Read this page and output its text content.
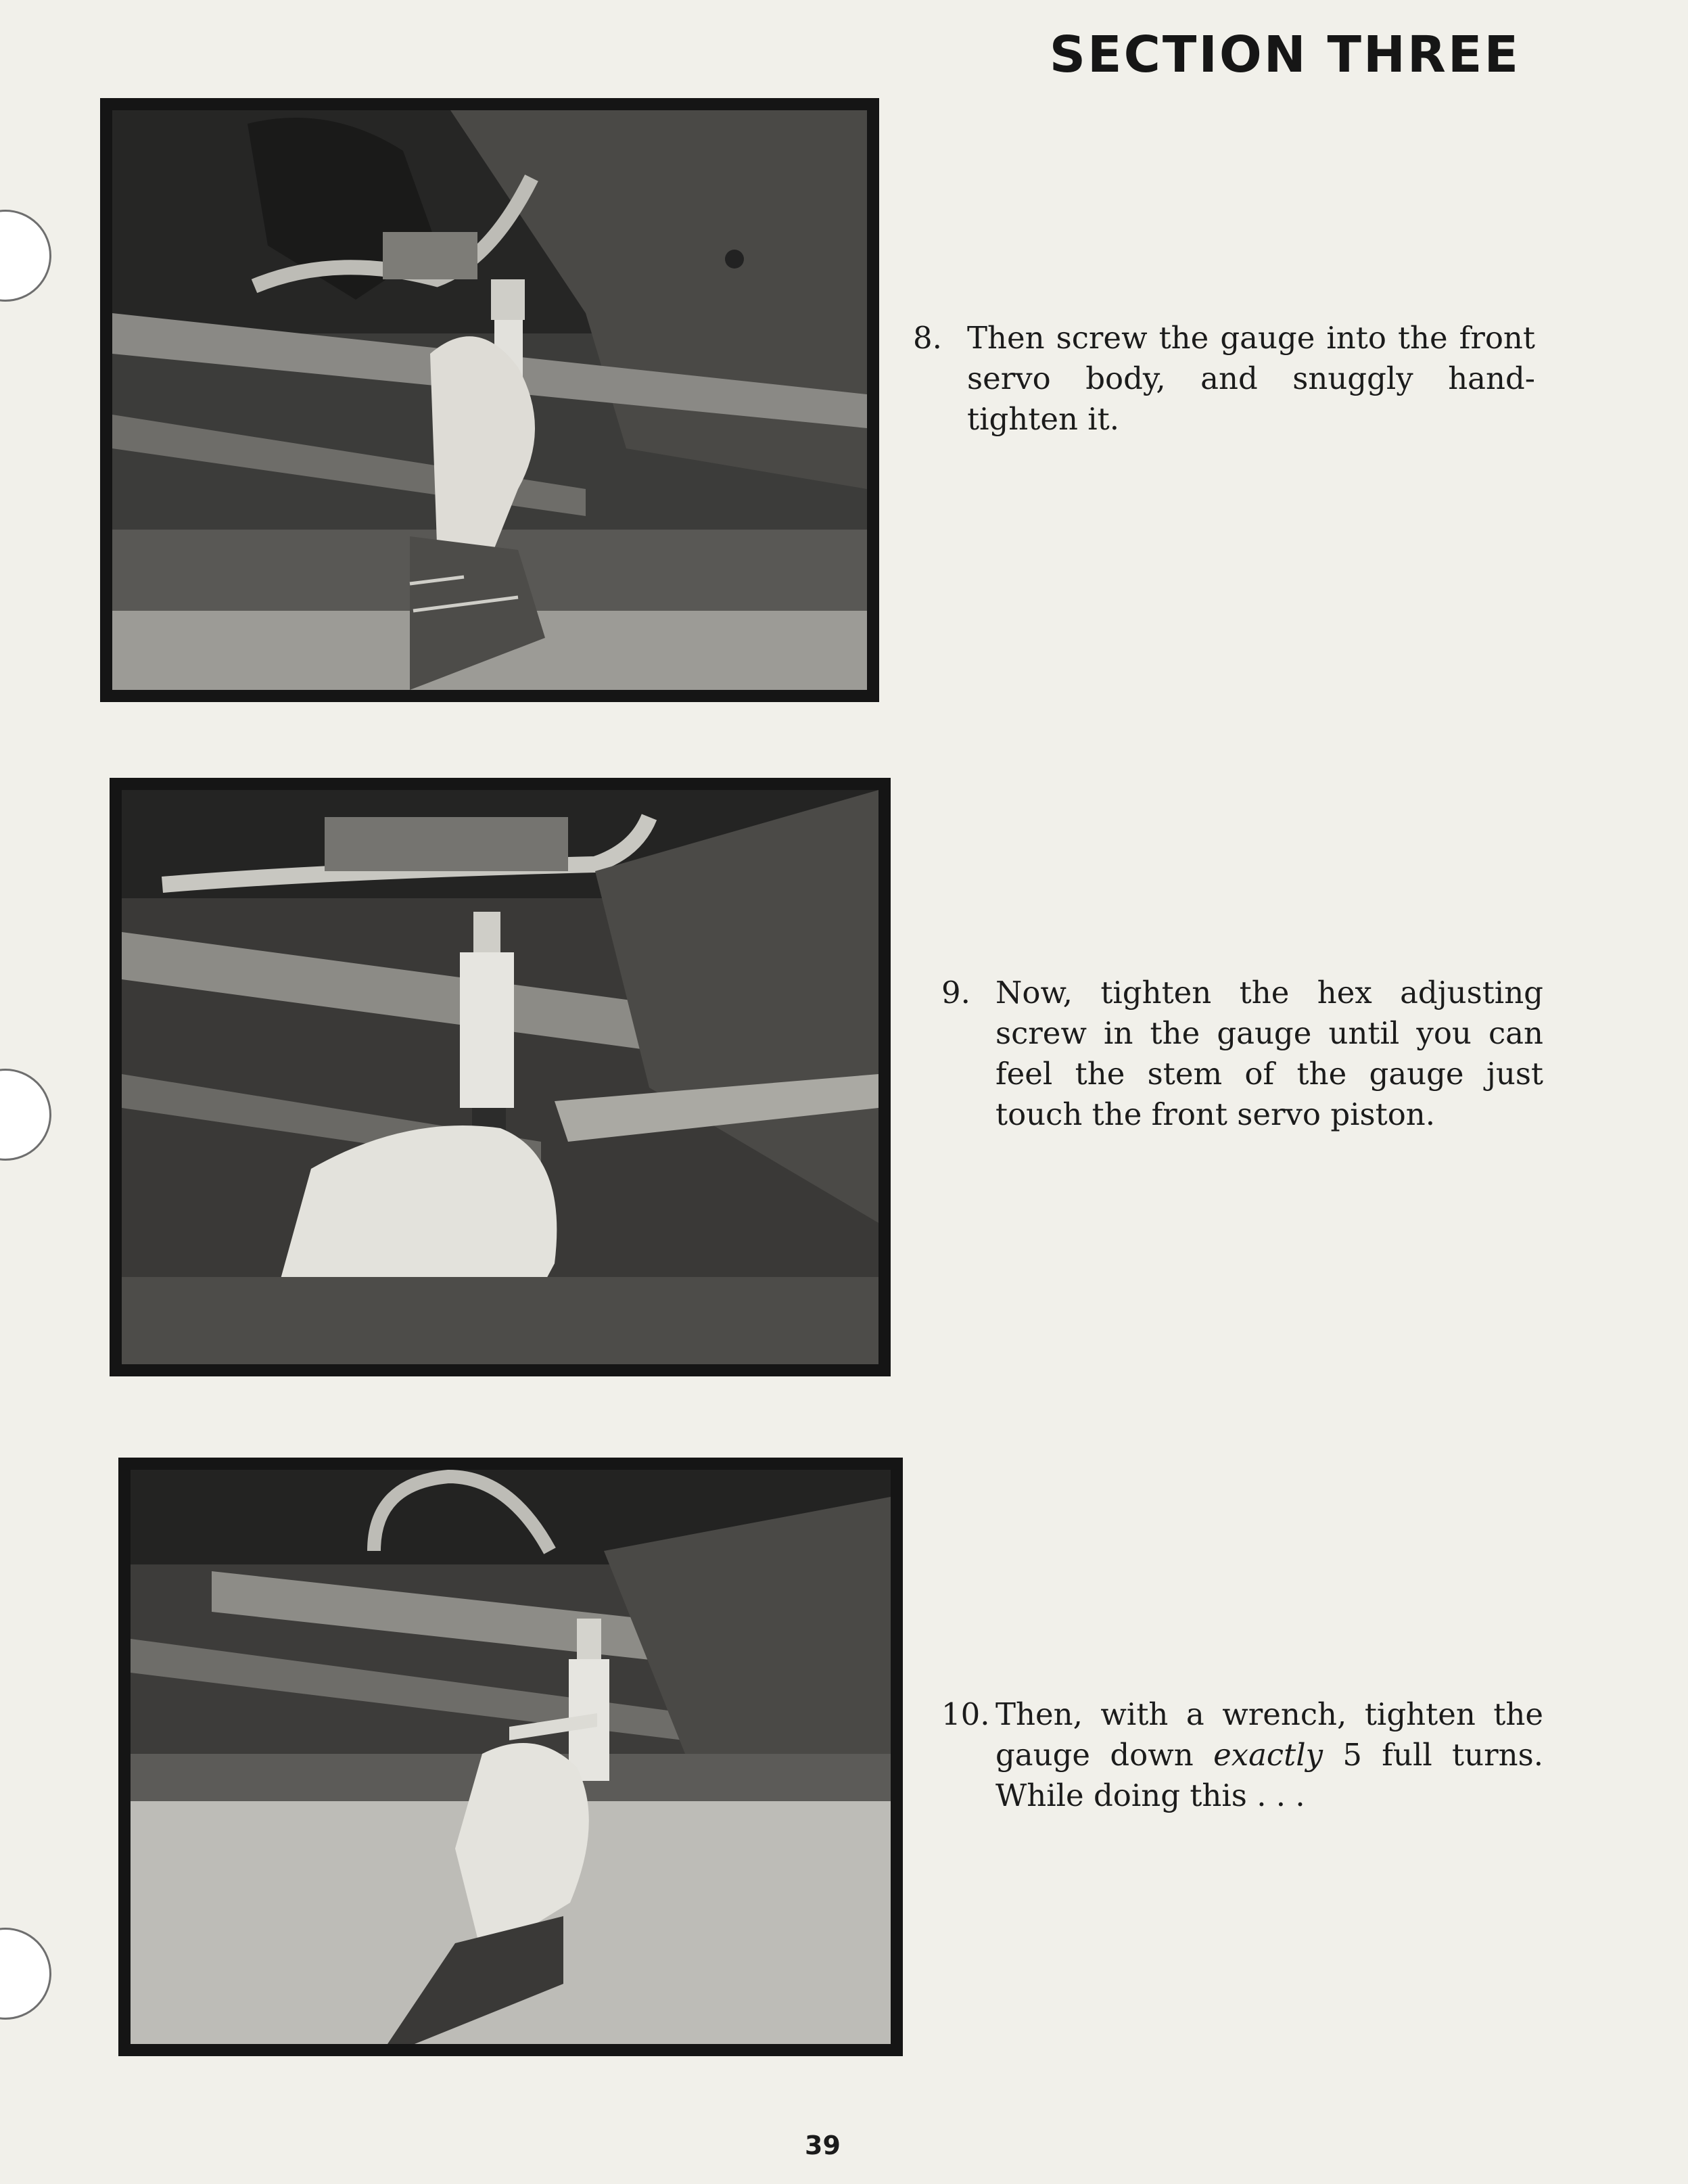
SECTION THREE
8. Then screw the gauge into the front servo body, and snuggly hand-tighten it.
9. Now, tighten the hex adjusting screw in the gauge until you can feel the stem of the gauge just touch the front servo piston.
10. Then, with a wrench, tighten the gauge down exactly 5 full turns. While doing this . . .
39
